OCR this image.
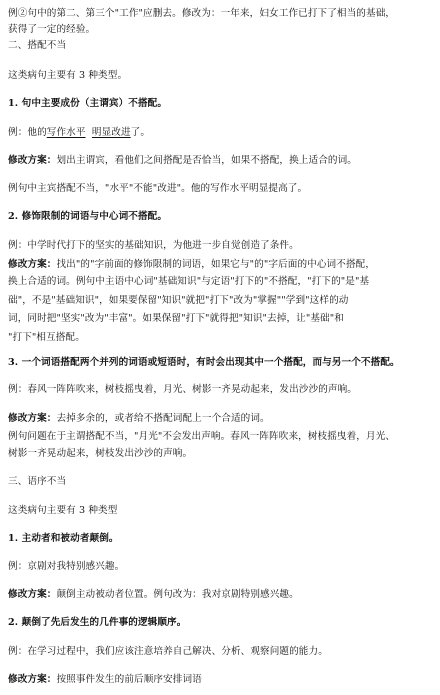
例②句中的第二、第三个"工作"应删去。修改为：一年来，妇女工作已打下了相当的基础，
获得了一定的经验。
二、搭配不当
这类病句主要有 3 种类型。
1. 句中主要成份（主谓宾）不搭配。
例：他的写作水平 明显改进了。
修改方案：划出主谓宾，看他们之间搭配是否恰当，如果不搭配，换上适合的词。
例句中主宾搭配不当，"水平"不能"改进"。他的写作水平明显提高了。
2. 修饰限制的词语与中心词不搭配。
例：中学时代打下的坚实的基础知识，为他进一步自觉创造了条件。
修改方案：找出"的"字前面的修饰限制的词语，如果它与"的"字后面的中心词不搭配，
换上合适的词。例句中主语中心词"基础知识"与定语"打下的"不搭配，"打下的"是"基
础"，不是"基础知识"，如果要保留"知识"就把"打下"改为"掌握""学到"这样的动
词，同时把"坚实"改为"丰富"。如果保留"打下"就得把"知识"去掉，让"基础"和
"打下"相互搭配。
3. 一个词语搭配两个并列的词语或短语时，有时会出现其中一个搭配，而与另一个不搭配。
例：春风一阵阵吹来，树枝摇曳着，月光、树影一齐晃动起来，发出沙沙的声响。
修改方案：去掉多余的，或者给不搭配词配上一个合适的词。
例句问题在于主谓搭配不当，"月光"不会发出声响。春风一阵阵吹来，树枝摇曳着，月光、
树影一齐晃动起来，树枝发出沙沙的声响。
三、语序不当
这类病句主要有 3 种类型
1. 主动者和被动者颠倒。
例：京剧对我特别感兴趣。
修改方案：颠倒主动被动者位置。例句改为：我对京剧特别感兴趣。
2. 颠倒了先后发生的几件事的逻辑顺序。
例：在学习过程中，我们应该注意培养自己解决、分析、观察问题的能力。
修改方案：按照事件发生的前后顺序安排词语
